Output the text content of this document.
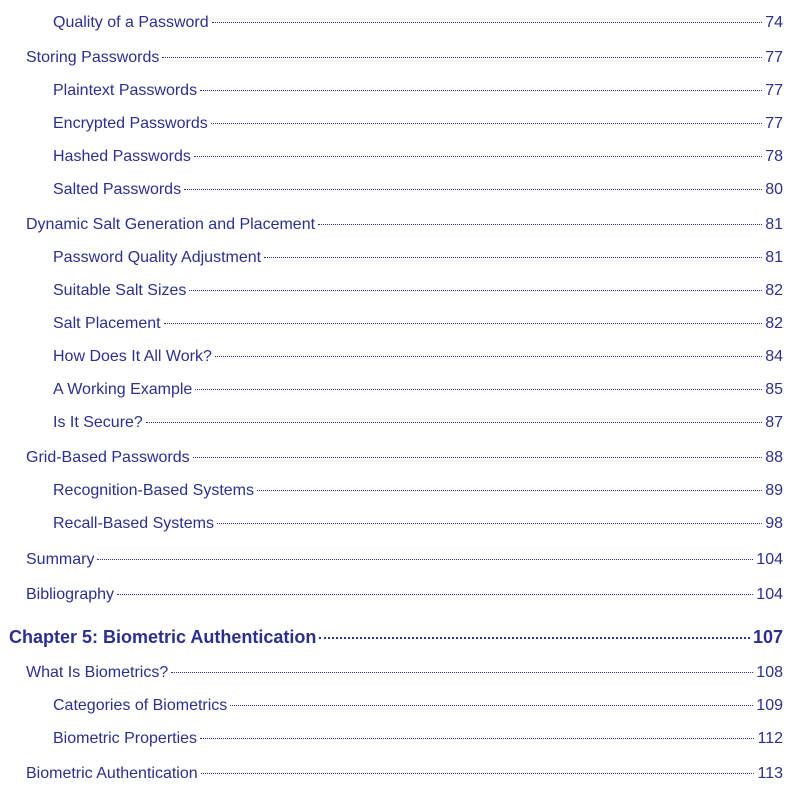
Quality of a Password	74
Storing Passwords	77
Plaintext Passwords	77
Encrypted Passwords	77
Hashed Passwords	78
Salted Passwords	80
Dynamic Salt Generation and Placement	81
Password Quality Adjustment	81
Suitable Salt Sizes	82
Salt Placement	82
How Does It All Work?	84
A Working Example	85
Is It Secure?	87
Grid-Based Passwords	88
Recognition-Based Systems	89
Recall-Based Systems	98
Summary	104
Bibliography	104
Chapter 5: Biometric Authentication	107
What Is Biometrics?	108
Categories of Biometrics	109
Biometric Properties	112
Biometric Authentication	113
